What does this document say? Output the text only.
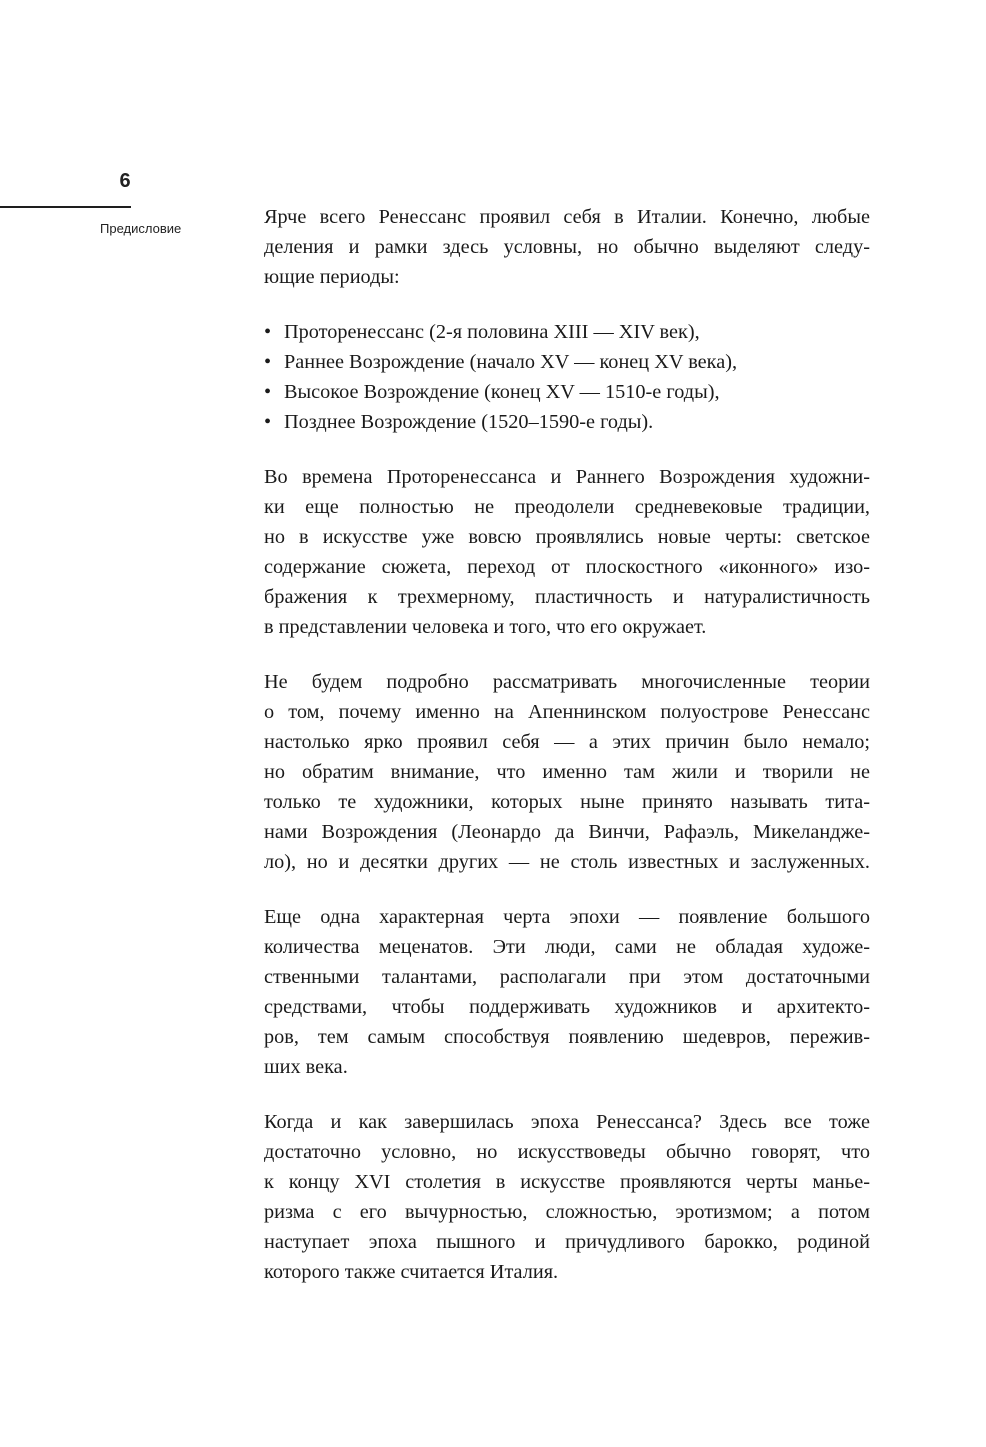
6
Предисловие

Ярче всего Ренессанс проявил себя в Италии. Конечно, любые
деления и рамки здесь условны, но обычно выделяют следу-
ющие периоды:

• Проторенессанс (2-я половина XIII — XIV век),
• Раннее Возрождение (начало XV — конец XV века),
• Высокое Возрождение (конец XV — 1510-е годы),
• Позднее Возрождение (1520–1590-е годы).

Во времена Проторенессанса и Раннего Возрождения художни-
ки еще полностью не преодолели средневековые традиции,
но в искусстве уже вовсю проявлялись новые черты: светское
содержание сюжета, переход от плоскостного «иконного» изо-
бражения к трехмерному, пластичность и натуралистичность
в представлении человека и того, что его окружает.

Не будем подробно рассматривать многочисленные теории
о том, почему именно на Апеннинском полуострове Ренессанс
настолько ярко проявил себя — а этих причин было немало;
но обратим внимание, что именно там жили и творили не
только те художники, которых ныне принято называть тита-
нами Возрождения (Леонардо да Винчи, Рафаэль, Микеландже-
ло), но и десятки других — не столь известных и заслуженных.

Еще одна характерная черта эпохи — появление большого
количества меценатов. Эти люди, сами не обладая художе-
ственными талантами, располагали при этом достаточными
средствами, чтобы поддерживать художников и архитекто-
ров, тем самым способствуя появлению шедевров, пережив-
ших века.

Когда и как завершилась эпоха Ренессанса? Здесь все тоже
достаточно условно, но искусствоведы обычно говорят, что
к концу XVI столетия в искусстве проявляются черты манье-
ризма с его вычурностью, сложностью, эротизмом; а потом
наступает эпоха пышного и причудливого барокко, родиной
которого также считается Италия.
